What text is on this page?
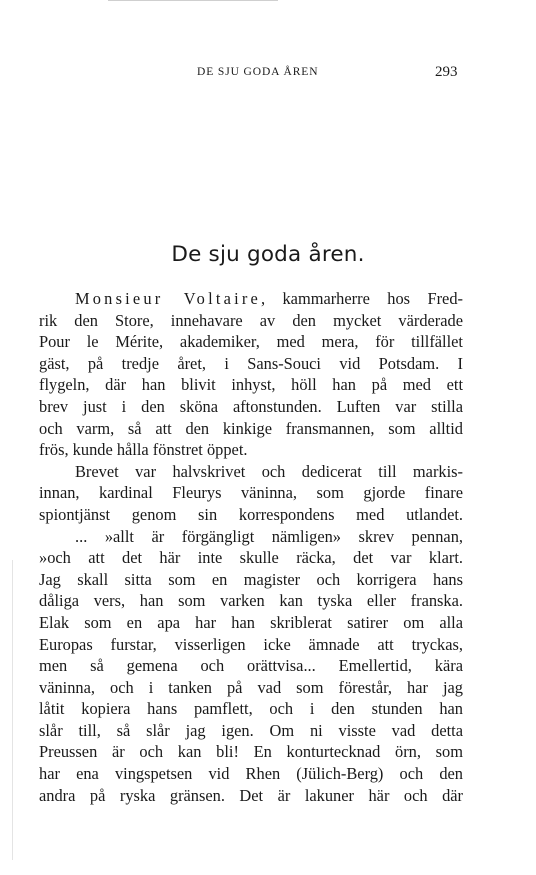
DE SJU GODA ÅREN	293
De sju goda åren.
Monsieur Voltaire, kammarherre hos Fred-
rik den Store, innehavare av den mycket värderade
Pour le Mérite, akademiker, med mera, för tillfället
gäst, på tredje året, i Sans-Souci vid Potsdam. I
flygeln, där han blivit inhyst, höll han på med ett
brev just i den sköna aftonstunden. Luften var stilla
och varm, så att den kinkige fransmannen, som alltid
frös, kunde hålla fönstret öppet.
Brevet var halvskrivet och dedicerat till markis-
innan, kardinal Fleurys väninna, som gjorde finare
spiontjänst genom sin korrespondens med utlandet.
... »allt är förgängligt nämligen» skrev pennan,
»och att det här inte skulle räcka, det var klart.
Jag skall sitta som en magister och korrigera hans
dåliga vers, han som varken kan tyska eller franska.
Elak som en apa har han skriblerat satirer om alla
Europas furstar, visserligen icke ämnade att tryckas,
men så gemena och orättvisa... Emellertid, kära
väninna, och i tanken på vad som förestår, har jag
låtit kopiera hans pamflett, och i den stunden han
slår till, så slår jag igen. Om ni visste vad detta
Preussen är och kan bli! En konturtecknad örn, som
har ena vingspetsen vid Rhen (Jülich-Berg) och den
andra på ryska gränsen. Det är lakuner här och där
